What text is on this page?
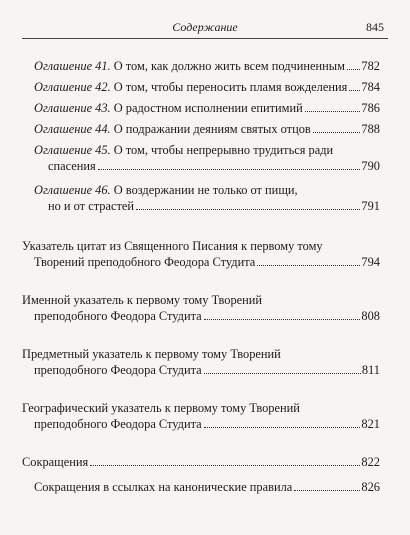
Содержание	845
Оглашение 41. О том, как должно жить всем подчиненным 782
Оглашение 42. О том, чтобы переносить пламя вожделения 784
Оглашение 43. О радостном исполнении епитимий	786
Оглашение 44. О подражании деяниям святых отцов	788
Оглашение 45. О том, чтобы непрерывно трудиться ради
спасения	790
Оглашение 46. О воздержании не только от пищи,
но и от страстей	791
Указатель цитат из Священного Писания к первому тому
Творений преподобного Феодора Студита	794
Именной указатель к первому тому Творений
преподобного Феодора Студита	808
Предметный указатель к первому тому Творений
преподобного Феодора Студита	811
Географический указатель к первому тому Творений
преподобного Феодора Студита	821
Сокращения	822
Сокращения в ссылках на канонические правила	826
